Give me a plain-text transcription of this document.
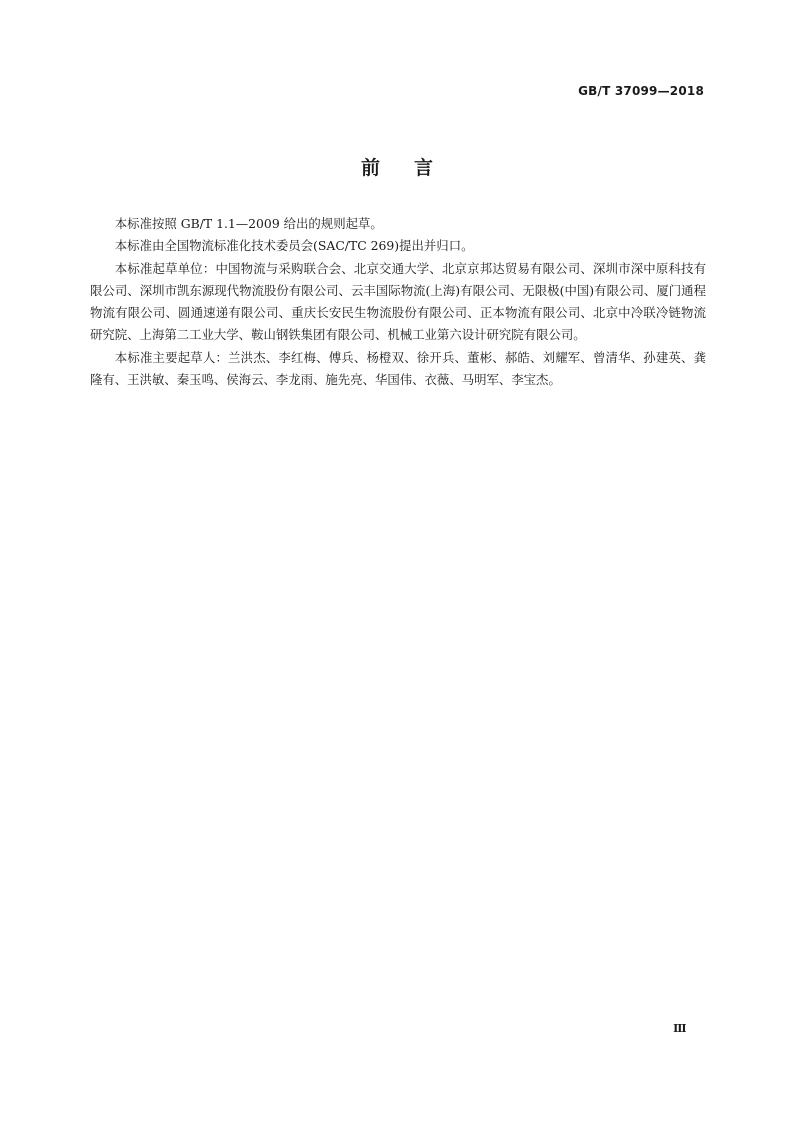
GB/T 37099—2018
前言

本标准按照 GB/T 1.1—2009 给出的规则起草。

本标准由全国物流标准化技术委员会(SAC/TC 269)提出并归口。

本标准起草单位：中国物流与采购联合会、北京交通大学、北京京邦达贸易有限公司、深圳市深中原科技有限公司、深圳市凯东源现代物流股份有限公司、云丰国际物流(上海)有限公司、无限极(中国)有限公司、厦门通程物流有限公司、圆通速递有限公司、重庆长安民生物流股份有限公司、正本物流有限公司、北京中冷联冷链物流研究院、上海第二工业大学、鞍山钢铁集团有限公司、机械工业第六设计研究院有限公司。

本标准主要起草人：兰洪杰、李红梅、傅兵、杨橙双、徐开兵、董彬、郝皓、刘耀军、曾清华、孙建英、龚隆有、王洪敏、秦玉鸣、侯海云、李龙雨、施先亮、华国伟、衣薇、马明军、李宝杰。

Ⅲ
